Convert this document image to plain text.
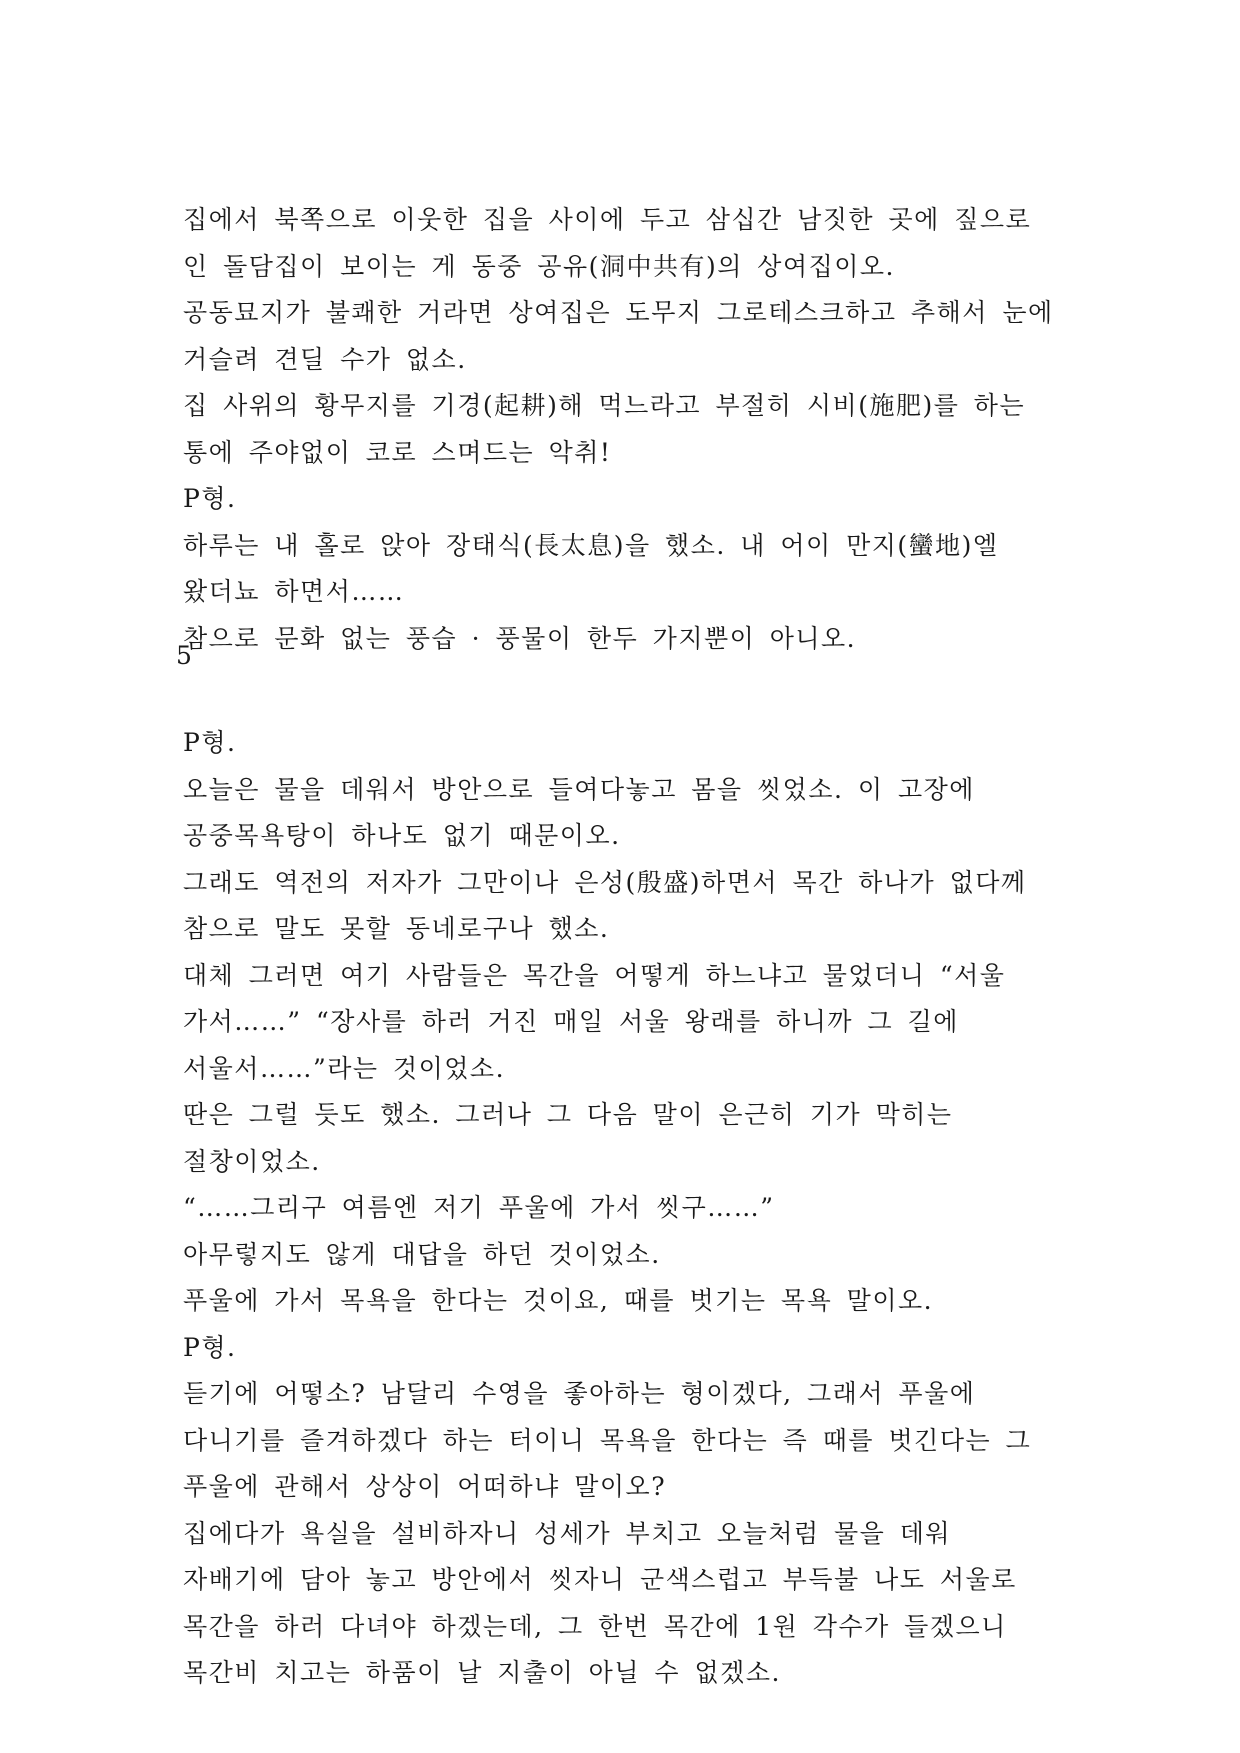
집에서 북쪽으로 이웃한 집을 사이에 두고 삼십간 남짓한 곳에 짚으로 인 돌담집이 보이는 게 동중 공유(洞中共有)의 상여집이오.

공동묘지가 불쾌한 거라면 상여집은 도무지 그로테스크하고 추해서 눈에 거슬려 견딜 수가 없소.

집 사위의 황무지를 기경(起耕)해 먹느라고 부절히 시비(施肥)를 하는 통에 주야없이 코로 스며드는 악취!

P형.

하루는 내 홀로 앉아 장태식(長太息)을 했소. 내 어이 만지(蠻地)엘 왔더뇨 하면서……

참으로 문화 없는 풍습 · 풍물이 한두 가지뿐이 아니오.

5

P형.

오늘은 물을 데워서 방안으로 들여다놓고 몸을 씻었소. 이 고장에 공중목욕탕이 하나도 없기 때문이오.

그래도 역전의 저자가 그만이나 은성(殷盛)하면서 목간 하나가 없다께 참으로 말도 못할 동네로구나 했소.

대체 그러면 여기 사람들은 목간을 어떻게 하느냐고 물었더니 “서울 가서……” “장사를 하러 거진 매일 서울 왕래를 하니까 그 길에 서울서……”라는 것이었소.

딴은 그럴 듯도 했소. 그러나 그 다음 말이 은근히 기가 막히는 절창이었소.

“……그리구 여름엔 저기 푸울에 가서 씻구……”

아무렇지도 않게 대답을 하던 것이었소.

푸울에 가서 목욕을 한다는 것이요, 때를 벗기는 목욕 말이오.

P형.

듣기에 어떻소? 남달리 수영을 좋아하는 형이겠다, 그래서 푸울에 다니기를 즐겨하겠다 하는 터이니 목욕을 한다는 즉 때를 벗긴다는 그 푸울에 관해서 상상이 어떠하냐 말이오?

집에다가 욕실을 설비하자니 성세가 부치고 오늘처럼 물을 데워 자배기에 담아 놓고 방안에서 씻자니 군색스럽고 부득불 나도 서울로 목간을 하러 다녀야 하겠는데, 그 한번 목간에 1원 각수가 들겠으니 목간비 치고는 하품이 날 지출이 아닐 수 없겠소.
